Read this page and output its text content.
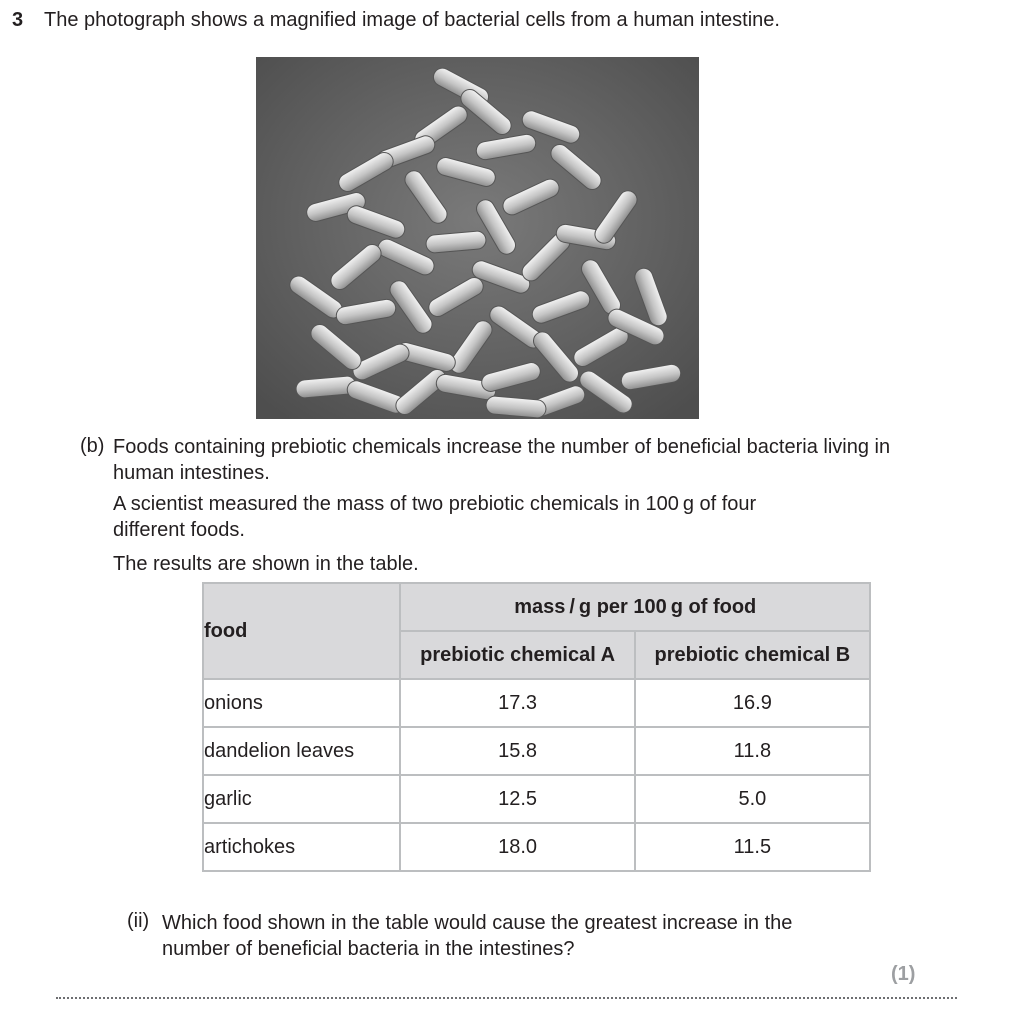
3 The photograph shows a magnified image of bacterial cells from a human intestine.
(b) Foods containing prebiotic chemicals increase the number of beneficial bacteria living in human intestines.

A scientist measured the mass of two prebiotic chemicals in 100 g of four different foods.

The results are shown in the table.

food	mass / g per 100 g of food	
	prebiotic chemical A	prebiotic chemical B
onions	17.3	16.9
dandelion leaves	15.8	11.8
garlic	12.5	5.0
artichokes	18.0	11.5
(ii) Which food shown in the table would cause the greatest increase in the number of beneficial bacteria in the intestines?

(1)
